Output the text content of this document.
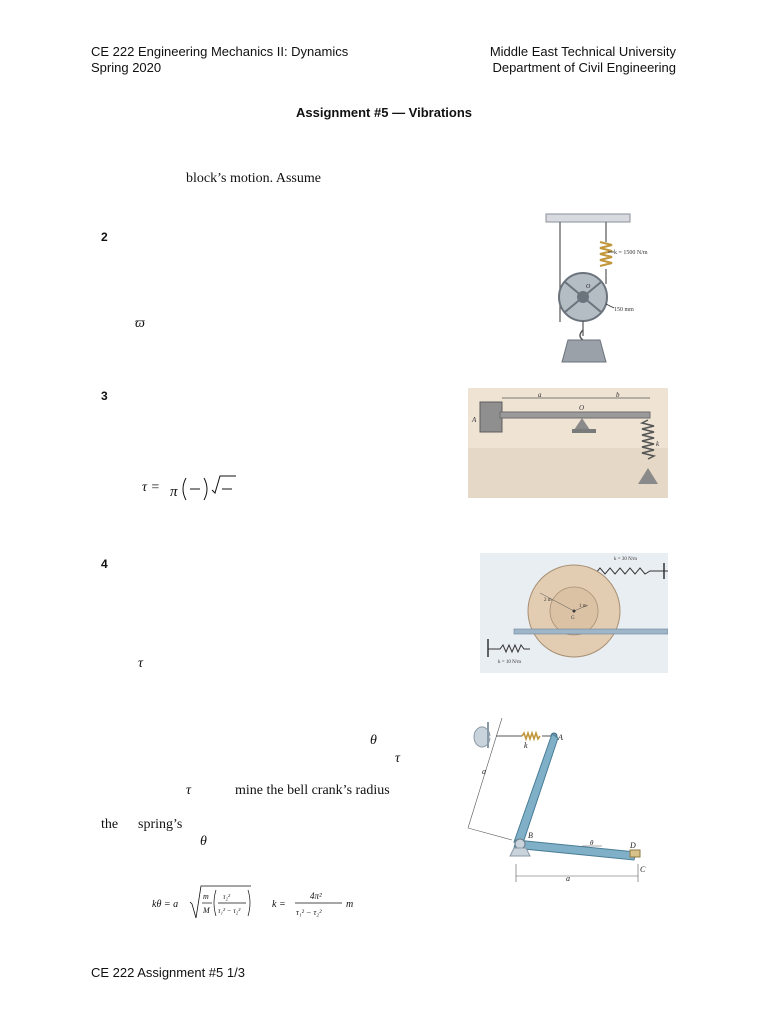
CE 222 Engineering Mechanics II: Dynamics
Spring 2020
Middle East Technical University
Department of Civil Engineering
Assignment #5 — Vibrations
block’s motion. Assume
2
ϖ
k = 1500 N/m
O
150 mm
3
τ = π
a	b
O
A
k
4
τ
k = 30 N/m
2 m
1 m
G
k = 10 N/m
θ
τ
τ	mine the bell crank’s radius
the spring’s
θ
k
A
B
D
C
θ
a
a
kθ = a
m
M
τ₂²
τ₁² − τ₂²
k =
4π²
τ₁² − τ₂²
m
CE 222 Assignment #5 1/3
